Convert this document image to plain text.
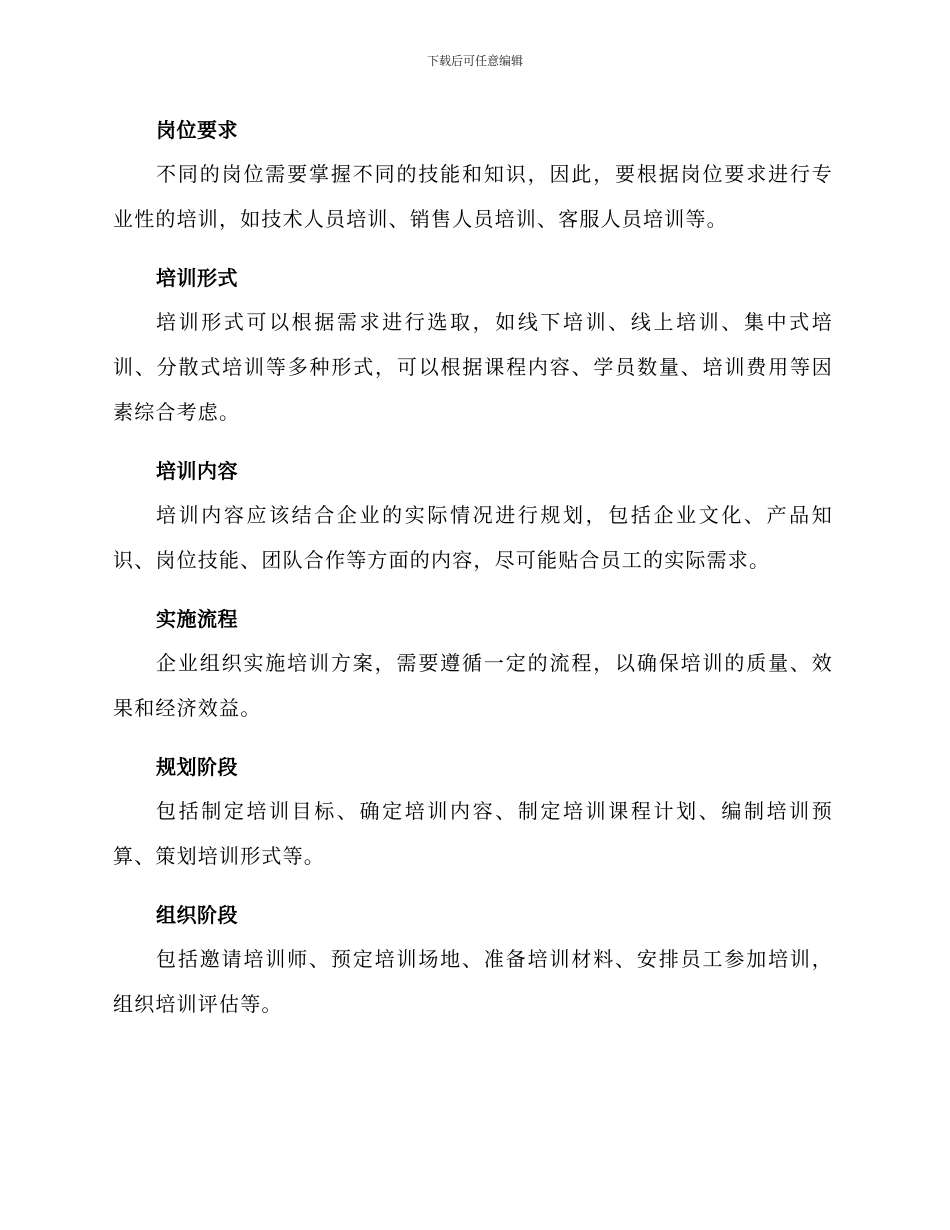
下载后可任意编辑
岗位要求

不同的岗位需要掌握不同的技能和知识，因此，要根据岗位要求进行专业性的培训，如技术人员培训、销售人员培训、客服人员培训等。

培训形式

培训形式可以根据需求进行选取，如线下培训、线上培训、集中式培训、分散式培训等多种形式，可以根据课程内容、学员数量、培训费用等因素综合考虑。

培训内容

培训内容应该结合企业的实际情况进行规划，包括企业文化、产品知识、岗位技能、团队合作等方面的内容，尽可能贴合员工的实际需求。

实施流程

企业组织实施培训方案，需要遵循一定的流程，以确保培训的质量、效果和经济效益。

规划阶段

包括制定培训目标、确定培训内容、制定培训课程计划、编制培训预算、策划培训形式等。

组织阶段

包括邀请培训师、预定培训场地、准备培训材料、安排员工参加培训，组织培训评估等。
